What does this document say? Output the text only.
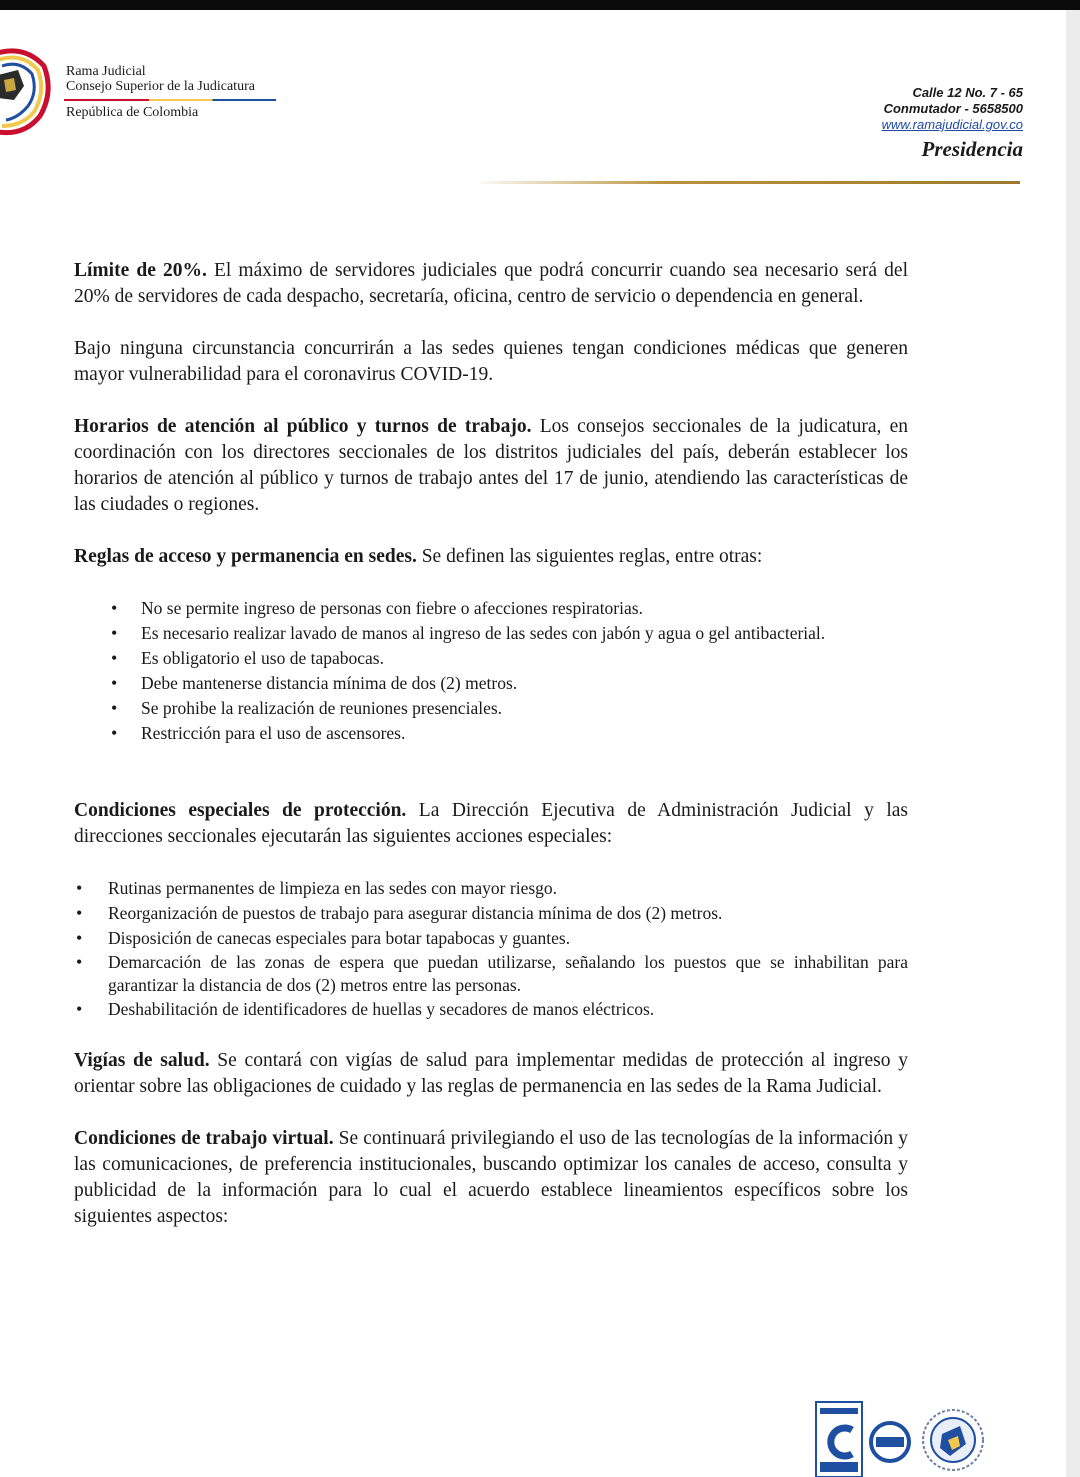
Rama Judicial
Consejo Superior de la Judicatura
República de Colombia
Calle 12 No. 7 - 65
Conmutador - 5658500
www.ramajudicial.gov.co
Presidencia

Límite de 20%. El máximo de servidores judiciales que podrá concurrir cuando sea necesario será del 20% de servidores de cada despacho, secretaría, oficina, centro de servicio o dependencia en general.

Bajo ninguna circunstancia concurrirán a las sedes quienes tengan condiciones médicas que generen mayor vulnerabilidad para el coronavirus COVID-19.

Horarios de atención al público y turnos de trabajo. Los consejos seccionales de la judicatura, en coordinación con los directores seccionales de los distritos judiciales del país, deberán establecer los horarios de atención al público y turnos de trabajo antes del 17 de junio, atendiendo las características de las ciudades o regiones.

Reglas de acceso y permanencia en sedes. Se definen las siguientes reglas, entre otras:

• No se permite ingreso de personas con fiebre o afecciones respiratorias.
• Es necesario realizar lavado de manos al ingreso de las sedes con jabón y agua o gel antibacterial.
• Es obligatorio el uso de tapabocas.
• Debe mantenerse distancia mínima de dos (2) metros.
• Se prohibe la realización de reuniones presenciales.
• Restricción para el uso de ascensores.

Condiciones especiales de protección. La Dirección Ejecutiva de Administración Judicial y las direcciones seccionales ejecutarán las siguientes acciones especiales:

• Rutinas permanentes de limpieza en las sedes con mayor riesgo.
• Reorganización de puestos de trabajo para asegurar distancia mínima de dos (2) metros.
• Disposición de canecas especiales para botar tapabocas y guantes.
• Demarcación de las zonas de espera que puedan utilizarse, señalando los puestos que se inhabilitan para garantizar la distancia de dos (2) metros entre las personas.
• Deshabilitación de identificadores de huellas y secadores de manos eléctricos.

Vigías de salud. Se contará con vigías de salud para implementar medidas de protección al ingreso y orientar sobre las obligaciones de cuidado y las reglas de permanencia en las sedes de la Rama Judicial.

Condiciones de trabajo virtual. Se continuará privilegiando el uso de las tecnologías de la información y las comunicaciones, de preferencia institucionales, buscando optimizar los canales de acceso, consulta y publicidad de la información para lo cual el acuerdo establece lineamientos específicos sobre los siguientes aspectos:
